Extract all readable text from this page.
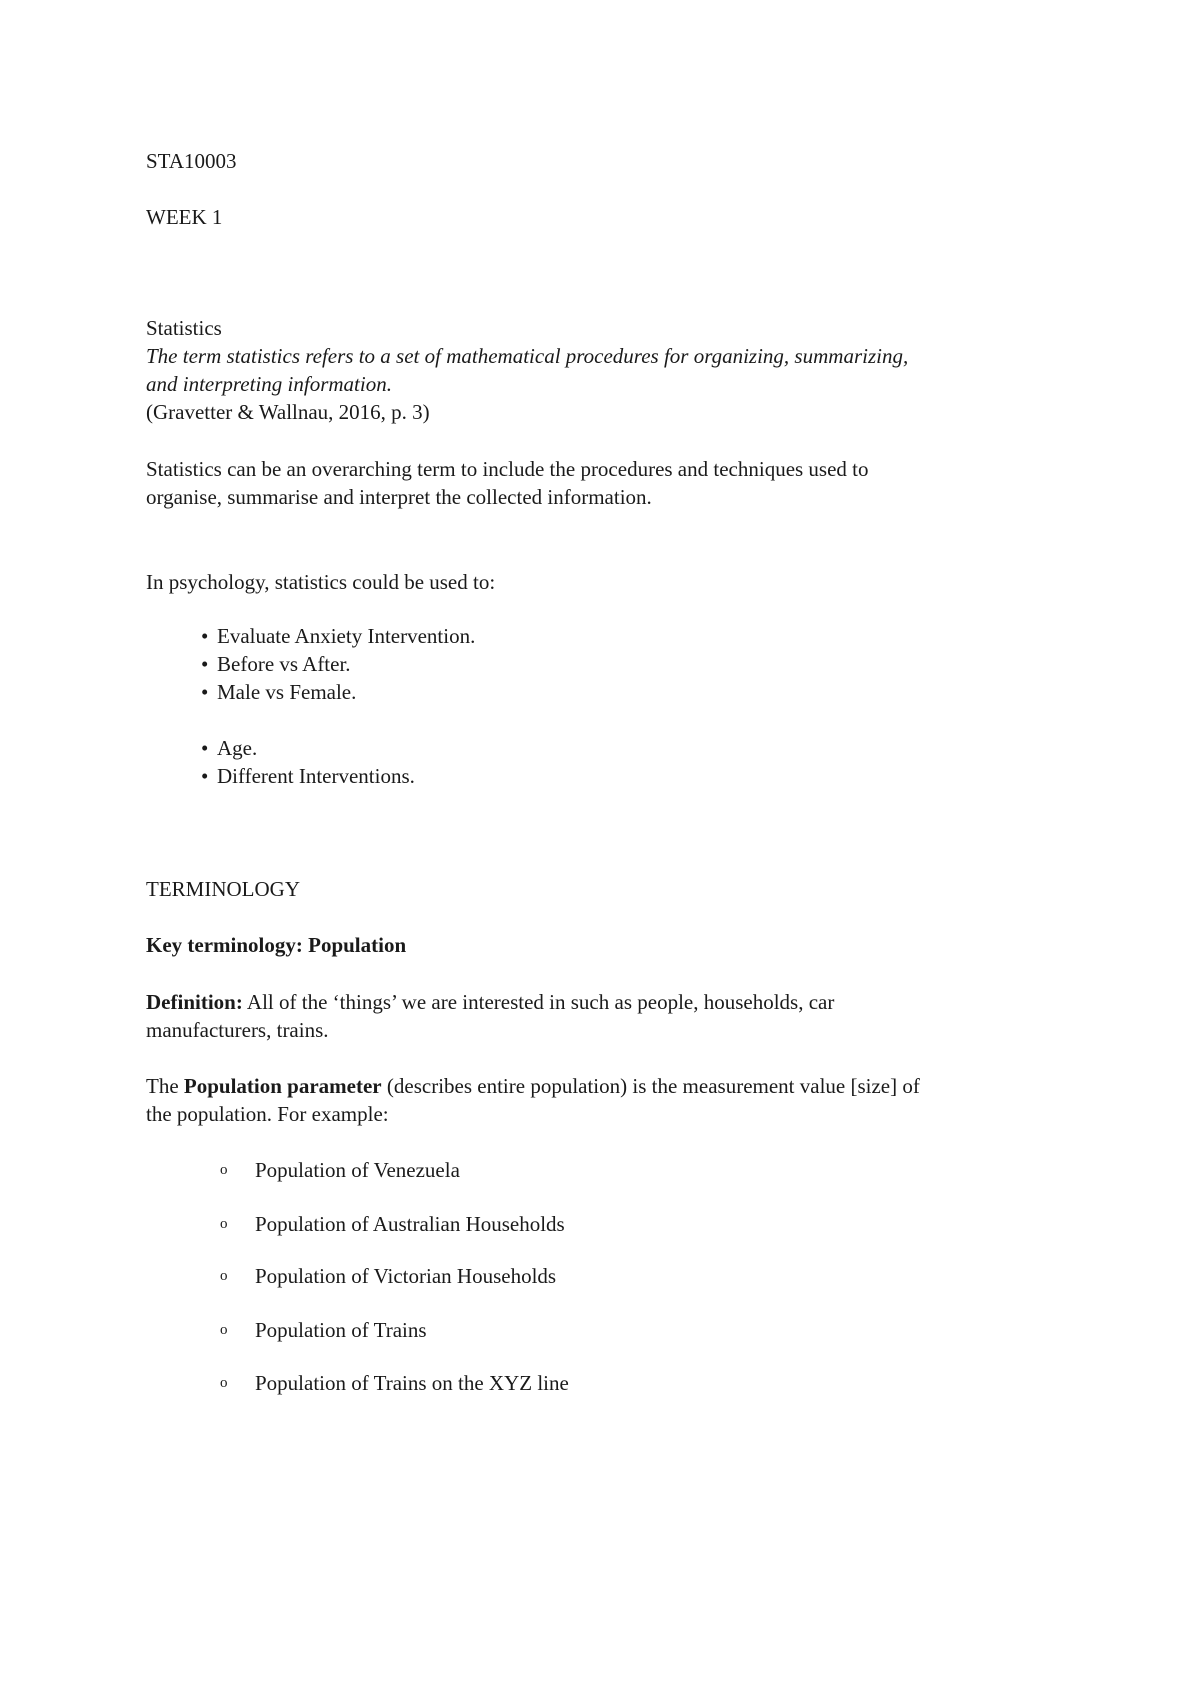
STA10003
WEEK 1
Statistics
The term statistics refers to a set of mathematical procedures for organizing, summarizing,
and interpreting information.
(Gravetter & Wallnau, 2016, p. 3)
Statistics can be an overarching term to include the procedures and techniques used to
organise, summarise and interpret the collected information.
In psychology, statistics could be used to:
• Evaluate Anxiety Intervention.
• Before vs After.
• Male vs Female.
• Age.
• Different Interventions.
TERMINOLOGY
Key terminology: Population
Definition: All of the ‘things’ we are interested in such as people, households, car
manufacturers, trains.
The Population parameter (describes entire population) is the measurement value [size] of
the population. For example:
o Population of Venezuela
o Population of Australian Households
o Population of Victorian Households
o Population of Trains
o Population of Trains on the XYZ line
